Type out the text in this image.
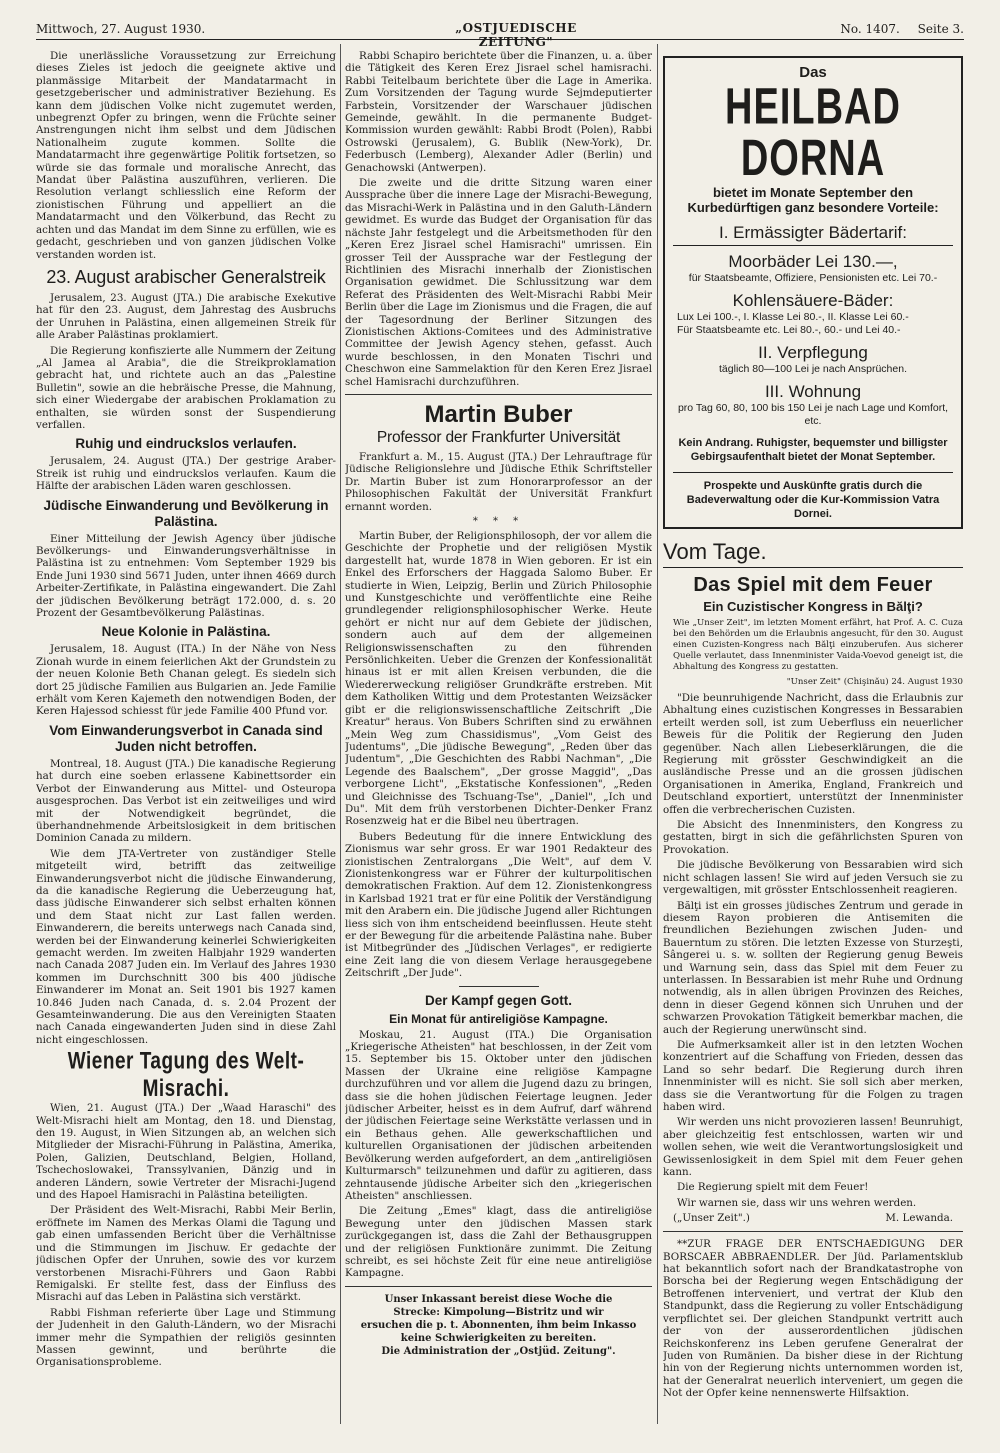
Mittwoch, 27. August 1930.	„OSTJUEDISCHE ZEITUNG"
No. 1407. Seite 3.

Die unerlässliche Voraussetzung zur Erreichung dieses Zieles ist jedoch die geeignete aktive und planmässige Mitarbeit der Mandatarmacht in gesetzgeberischer und administrativer Beziehung. Es kann dem jüdischen Volke nicht zugemutet werden, unbegrenzt Opfer zu bringen, wenn die Früchte seiner Anstrengungen nicht ihm selbst und dem Jüdischen Nationalheim zugute kommen. Sollte die Mandatarmacht ihre gegenwärtige Politik fortsetzen, so würde sie das formale und moralische Anrecht, das Mandat über Palästina auszuführen, verlieren. Die Resolution verlangt schliesslich eine Reform der zionistischen Führung und appelliert an die Mandatarmacht und den Völkerbund, das Recht zu achten und das Mandat im dem Sinne zu erfüllen, wie es gedacht, geschrieben und von ganzen jüdischen Volke verstanden worden ist.

23. August arabischer Generalstreik

Jerusalem, 23. August (JTA.) Die arabische Exekutive hat für den 23. August, dem Jahrestag des Ausbruchs der Unruhen in Palästina, einen allgemeinen Streik für alle Araber Palästinas proklamiert.

Die Regierung konfiszierte alle Nummern der Zeitung „Al Jamea al Arabia", die die Streikproklamation gebracht hat, und richtete auch an das „Palestine Bulletin", sowie an die hebräische Presse, die Mahnung, sich einer Wiedergabe der arabischen Proklamation zu enthalten, sie würden sonst der Suspendierung verfallen.

Ruhig und eindruckslos verlaufen.

Jerusalem, 24. August (JTA.) Der gestrige Araber-Streik ist ruhig und eindruckslos verlaufen. Kaum die Hälfte der arabischen Läden waren geschlossen.

Jüdische Einwanderung und Bevölkerung in Palästina.

Einer Mitteilung der Jewish Agency über jüdische Bevölkerungs- und Einwanderungsverhältnisse in Palästina ist zu entnehmen: Vom September 1929 bis Ende Juni 1930 sind 5671 Juden, unter ihnen 4669 durch Arbeiter-Zertifikate, in Palästina eingewandert. Die Zahl der jüdischen Bevölkerung beträgt 172.000, d. s. 20 Prozent der Gesamtbevölkerung Palästinas.

Neue Kolonie in Palästina.

Jerusalem, 18. August (ITA.) In der Nähe von Ness Zionah wurde in einem feierlichen Akt der Grundstein zu der neuen Kolonie Beth Chanan gelegt. Es siedeln sich dort 25 jüdische Familien aus Bulgarien an. Jede Familie erhält vom Keren Kajemeth den notwendigen Boden, der Keren Hajessod schiesst für jede Familie 400 Pfund vor.

Vom Einwanderungsverbot in Canada sind Juden nicht betroffen.

Montreal, 18. August (JTA.) Die kanadische Regierung hat durch eine soeben erlassene Kabinettsorder ein Verbot der Einwanderung aus Mittel- und Osteuropa ausgesprochen. Das Verbot ist ein zeitweiliges und wird mit der Notwendigkeit begründet, die überhandnehmende Arbeitslosigkeit in dem britischen Dominion Canada zu mildern.

Wie dem JTA-Vertreter von zuständiger Stelle mitgeteilt wird, betrifft das zeitweilige Einwanderungsverbot nicht die jüdische Einwanderung, da die kanadische Regierung die Ueberzeugung hat, dass jüdische Einwanderer sich selbst erhalten können und dem Staat nicht zur Last fallen werden. Einwanderern, die bereits unterwegs nach Canada sind, werden bei der Einwanderung keinerlei Schwierigkeiten gemacht werden. Im zweiten Halbjahr 1929 wanderten nach Canada 2087 Juden ein. Im Verlauf des Jahres 1930 kommen im Durchschnitt 300 bis 400 jüdische Einwanderer im Monat an. Seit 1901 bis 1927 kamen 10.846 Juden nach Canada, d. s. 2.04 Prozent der Gesamteinwanderung. Die aus den Vereinigten Staaten nach Canada eingewanderten Juden sind in diese Zahl nicht eingeschlossen.

Wiener Tagung des Welt-Misrachi.

Wien, 21. August (JTA.) Der „Waad Haraschi" des Welt-Misrachi hielt am Montag, den 18. und Dienstag, den 19. August, in Wien Sitzungen ab, an welchen sich Mitglieder der Misrachi-Führung in Palästina, Amerika, Polen, Galizien, Deutschland, Belgien, Holland, Tschechoslowakei, Transsylvanien, Dänzig und in anderen Ländern, sowie Vertreter der Misrachi-Jugend und des Hapoel Hamisrachi in Palästina beteiligten.

Der Präsident des Welt-Misrachi, Rabbi Meir Berlin, eröffnete im Namen des Merkas Olami die Tagung und gab einen umfassenden Bericht über die Verhältnisse und die Stimmungen im Jischuw. Er gedachte der jüdischen Opfer der Unruhen, sowie des vor kurzem verstorbenen Misrachi-Führers und Gaon Rabbi Remigalski. Er stellte fest, dass der Einfluss des Misrachi auf das Leben in Palästina sich verstärkt.

Rabbi Fishman referierte über Lage und Stimmung der Judenheit in den Galuth-Ländern, wo der Misrachi immer mehr die Sympathien der religiös gesinnten Massen gewinnt, und berührte die Organisationsprobleme.

Rabbi Schapiro berichtete über die Finanzen, u. a. über die Tätigkeit des Keren Erez Jisrael schel hamisrachi. Rabbi Teitelbaum berichtete über die Lage in Amerika. Zum Vorsitzenden der Tagung wurde Sejmdeputierter Farbstein, Vorsitzender der Warschauer jüdischen Gemeinde, gewählt. In die permanente Budget-Kommission wurden gewählt: Rabbi Brodt (Polen), Rabbi Ostrowski (Jerusalem), G. Bublik (New-York), Dr. Federbusch (Lemberg), Alexander Adler (Berlin) und Genachowski (Antwerpen).

Die zweite und die dritte Sitzung waren einer Aussprache über die innere Lage der Misrachi-Bewegung, das Misrachi-Werk in Palästina und in den Galuth-Ländern gewidmet. Es wurde das Budget der Organisation für das nächste Jahr festgelegt und die Arbeitsmethoden für den „Keren Erez Jisrael schel Hamisrachi" umrissen. Ein grosser Teil der Aussprache war der Festlegung der Richtlinien des Misrachi innerhalb der Zionistischen Organisation gewidmet. Die Schlussitzung war dem Referat des Präsidenten des Welt-Misrachi Rabbi Meir Berlin über die Lage im Zionismus und die Fragen, die auf der Tagesordnung der Berliner Sitzungen des Zionistischen Aktions-Comitees und des Administrative Committee der Jewish Agency stehen, gefasst. Auch wurde beschlossen, in den Monaten Tischri und Cheschwon eine Sammelaktion für den Keren Erez Jisrael schel Hamisrachi durchzuführen.

Martin Buber
Professor der Frankfurter Universität

Frankfurt a. M., 15. August (JTA.) Der Lehrauftrage für Jüdische Religionslehre und Jüdische Ethik Schriftsteller Dr. Martin Buber ist zum Honorarprofessor an der Philosophischen Fakultät der Universität Frankfurt ernannt worden.

* * *

Martin Buber, der Religionsphilosoph, der vor allem die Geschichte der Prophetie und der religiösen Mystik dargestellt hat, wurde 1878 in Wien geboren. Er ist ein Enkel des Erforschers der Haggada Salomo Buber. Er studierte in Wien, Leipzig, Berlin und Zürich Philosophie und Kunstgeschichte und veröffentlichte eine Reihe grundlegender religionsphilosophischer Werke. Heute gehört er nicht nur auf dem Gebiete der jüdischen, sondern auch auf dem der allgemeinen Religionswissenschaften zu den führenden Persönlichkeiten. Ueber die Grenzen der Konfessionalität hinaus ist er mit allen Kreisen verbunden, die die Wiedererweckung religiöser Grundkräfte erstreben. Mit dem Katholiken Wittig und dem Protestanten Weizsäcker gibt er die religionswissenschaftliche Zeitschrift „Die Kreatur" heraus. Von Bubers Schriften sind zu erwähnen „Mein Weg zum Chassidismus", „Vom Geist des Judentums", „Die jüdische Bewegung", „Reden über das Judentum", „Die Geschichten des Rabbi Nachman", „Die Legende des Baalschem", „Der grosse Maggid", „Das verborgene Licht", „Ekstatische Konfessionen", „Reden und Gleichnisse des Tschuang-Tse", „Daniel", „Ich und Du". Mit dem früh verstorbenen Dichter-Denker Franz Rosenzweig hat er die Bibel neu übertragen.

Bubers Bedeutung für die innere Entwicklung des Zionismus war sehr gross. Er war 1901 Redakteur des zionistischen Zentralorgans „Die Welt", auf dem V. Zionistenkongress war er Führer der kulturpolitischen demokratischen Fraktion. Auf dem 12. Zionistenkongress in Karlsbad 1921 trat er für eine Politik der Verständigung mit den Arabern ein. Die jüdische Jugend aller Richtungen liess sich von ihm entscheidend beeinflussen. Heute steht er der Bewegung für die arbeitende Palästina nahe. Buber ist Mitbegründer des „Jüdischen Verlages", er redigierte eine Zeit lang die von diesem Verlage herausgegebene Zeitschrift „Der Jude".

Der Kampf gegen Gott.
Ein Monat für antireligiöse Kampagne.

Moskau, 21. August (ITA.) Die Organisation „Kriegerische Atheisten" hat beschlossen, in der Zeit vom 15. September bis 15. Oktober unter den jüdischen Massen der Ukraine eine religiöse Kampagne durchzuführen und vor allem die Jugend dazu zu bringen, dass sie die hohen jüdischen Feiertage leugnen. Jeder jüdischer Arbeiter, heisst es in dem Aufruf, darf während der jüdischen Feiertage seine Werkstätte verlassen und in ein Bethaus gehen. Alle gewerkschaftlichen und kulturellen Organisationen der jüdischen arbeitenden Bevölkerung werden aufgefordert, an dem „antireligiösen Kulturmarsch" teilzunehmen und dafür zu agitieren, dass zehntausende jüdische Arbeiter sich den „kriegerischen Atheisten" anschliessen.

Die Zeitung „Emes" klagt, dass die antireligiöse Bewegung unter den jüdischen Massen stark zurückgegangen ist, dass die Zahl der Bethausgruppen und der religiösen Funktionäre zunimmt. Die Zeitung schreibt, es sei höchste Zeit für eine neue antireligiöse Kampagne.

Unser Inkassant bereist diese Woche die
Strecke: Kimpolung—Bistritz und wir
ersuchen die p. t. Abonnenten, ihm beim Inkasso keine Schwierigkeiten zu bereiten.
Die Administration der „Ostjüd. Zeitung".
Das
HEILBAD DORNA
bietet im Monate September den Kurbedürftigen ganz besondere Vorteile:
I. Ermässigter Bädertarif:
Moorbäder Lei 130.—,
für Staatsbeamte, Offiziere, Pensionisten etc. Lei 70.-
Kohlensäuere-Bäder:
Lux Lei 100.-, I. Klasse Lei 80.-, II. Klasse Lei 60.-
Für Staatsbeamte etc. Lei 80.-, 60.- und Lei 40.-
II. Verpflegung
täglich 80—100 Lei je nach Ansprüchen.
III. Wohnung
pro Tag 60, 80, 100 bis 150 Lei je nach Lage und Komfort, etc.
Kein Andrang. Ruhigster, bequemster und billigster Gebirgsaufenthalt bietet der Monat September.
Prospekte und Auskünfte gratis durch die Badeverwaltung oder die Kur-Kommission Vatra Dornei.
Vom Tage.
Das Spiel mit dem Feuer
Ein Cuzistischer Kongress in Bălţi?

Wie „Unser Zeit", im letzten Moment erfährt, hat Prof. A. C. Cuza bei den Behörden um die Erlaubnis angesucht, für den 30. August einen Cuzisten-Kongress nach Bălţi einzuberufen. Aus sicherer Quelle verlautet, dass Innenminister Vaida-Voevod geneigt ist, die Abhaltung des Kongress zu gestatten.

"Unser Zeit" (Chişinău) 24. August 1930

"Die beunruhigende Nachricht, dass die Erlaubnis zur Abhaltung eines cuzistischen Kongresses in Bessarabien erteilt werden soll, ist zum Ueberfluss ein neuerlicher Beweis für die Politik der Regierung den Juden gegenüber. Nach allen Liebeserklärungen, die die Regierung mit grösster Geschwindigkeit an die ausländische Presse und an die grossen jüdischen Organisationen in Amerika, England, Frankreich und Deutschland exportiert, unterstützt der Innenminister offen die verbrecherischen Cuzisten.

Die Absicht des Innenministers, den Kongress zu gestatten, birgt in sich die gefährlichsten Spuren von Provokation.

Die jüdische Bevölkerung von Bessarabien wird sich nicht schlagen lassen! Sie wird auf jeden Versuch sie zu vergewaltigen, mit grösster Entschlossenheit reagieren.

Bălţi ist ein grosses jüdisches Zentrum und gerade in diesem Rayon probieren die Antisemiten die freundlichen Beziehungen zwischen Juden- und Bauerntum zu stören. Die letzten Exzesse von Sturzeşti, Sângerei u. s. w. sollten der Regierung genug Beweis und Warnung sein, dass das Spiel mit dem Feuer zu unterlassen. In Bessarabien ist mehr Ruhe und Ordnung notwendig, als in allen übrigen Provinzen des Reiches, denn in dieser Gegend können sich Unruhen und der schwarzen Provokation Tätigkeit bemerkbar machen, die auch der Regierung unerwünscht sind.

Die Aufmerksamkeit aller ist in den letzten Wochen konzentriert auf die Schaffung von Frieden, dessen das Land so sehr bedarf. Die Regierung durch ihren Innenminister will es nicht. Sie soll sich aber merken, dass sie die Verantwortung für die Folgen zu tragen haben wird.

Wir werden uns nicht provozieren lassen! Beunruhigt, aber gleichzeitig fest entschlossen, warten wir und wollen sehen, wie weit die Verantwortungslosigkeit und Gewissenlosigkeit in dem Spiel mit dem Feuer gehen kann.

Die Regierung spielt mit dem Feuer!

Wir warnen sie, dass wir uns wehren werden.

(„Unser Zeit".)	M. Lewanda.

**ZUR FRAGE DER ENTSCHAEDIGUNG DER BORSCAER ABBRAENDLER. Der Jüd. Parlamentsklub hat bekanntlich sofort nach der Brandkatastrophe von Borscha bei der Regierung wegen Entschädigung der Betroffenen interveniert, und vertrat der Klub den Standpunkt, dass die Regierung zu voller Entschädigung verpflichtet sei. Der gleichen Standpunkt vertritt auch der von der ausserordentlichen jüdischen Reichskonferenz ins Leben gerufene Generalrat der Juden von Rumänien. Da bisher diese in der Richtung hin von der Regierung nichts unternommen worden ist, hat der Generalrat neuerlich interveniert, um gegen die Not der Opfer keine nennenswerte Hilfsaktion.
